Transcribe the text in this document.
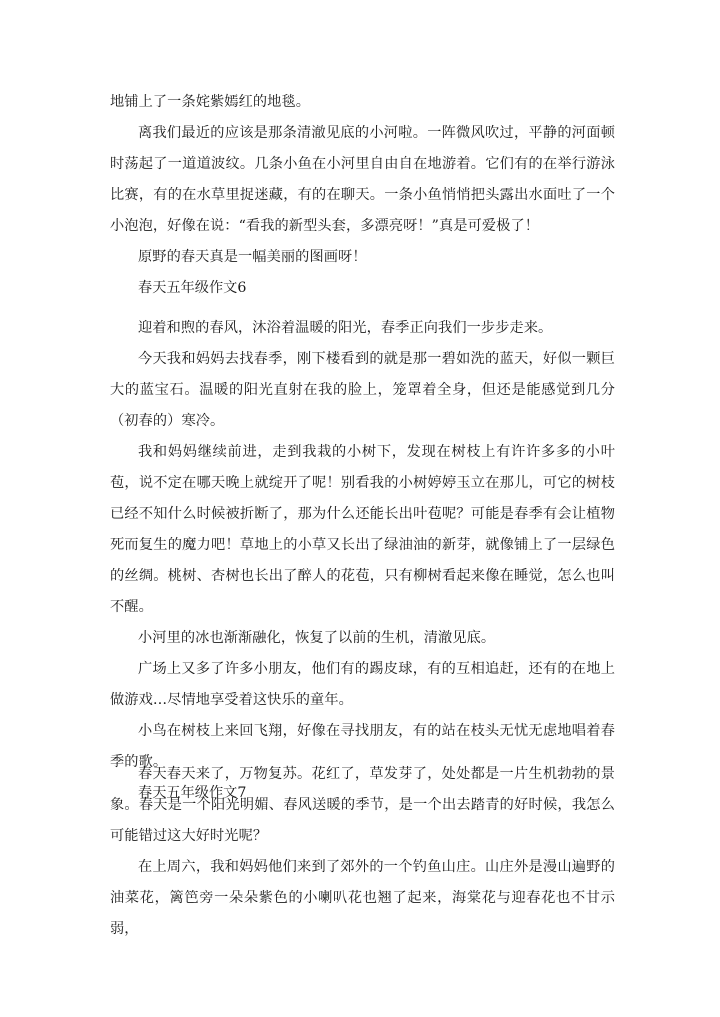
地铺上了一条姹紫嫣红的地毯。

离我们最近的应该是那条清澈见底的小河啦。一阵微风吹过，平静的河面顿时荡起了一道道波纹。几条小鱼在小河里自由自在地游着。它们有的在举行游泳比赛，有的在水草里捉迷藏，有的在聊天。一条小鱼悄悄把头露出水面吐了一个小泡泡，好像在说：“看我的新型头套，多漂亮呀！”真是可爱极了！

原野的春天真是一幅美丽的图画呀！

春天五年级作文6

迎着和煦的春风，沐浴着温暖的阳光，春季正向我们一步步走来。

今天我和妈妈去找春季，刚下楼看到的就是那一碧如洗的蓝天，好似一颗巨大的蓝宝石。温暖的阳光直射在我的脸上，笼罩着全身，但还是能感觉到几分（初春的）寒冷。

我和妈妈继续前进，走到我栽的小树下，发现在树枝上有许许多多的小叶苞，说不定在哪天晚上就绽开了呢！别看我的小树婷婷玉立在那儿，可它的树枝已经不知什么时候被折断了，那为什么还能长出叶苞呢？可能是春季有会让植物死而复生的魔力吧！草地上的小草又长出了绿油油的新芽，就像铺上了一层绿色的丝绸。桃树、杏树也长出了醉人的花苞，只有柳树看起来像在睡觉，怎么也叫不醒。

小河里的冰也渐渐融化，恢复了以前的生机，清澈见底。

广场上又多了许多小朋友，他们有的踢皮球，有的互相追赶，还有的在地上做游戏…尽情地享受着这快乐的童年。

小鸟在树枝上来回飞翔，好像在寻找朋友，有的站在枝头无忧无虑地唱着春季的歌。

春天五年级作文7

春天春天来了，万物复苏。花红了，草发芽了，处处都是一片生机勃勃的景象。春天是一个阳光明媚、春风送暖的季节，是一个出去踏青的好时候，我怎么可能错过这大好时光呢？

在上周六，我和妈妈他们来到了郊外的一个钓鱼山庄。山庄外是漫山遍野的油菜花，篱笆旁一朵朵紫色的小喇叭花也翘了起来，海棠花与迎春花也不甘示弱，
